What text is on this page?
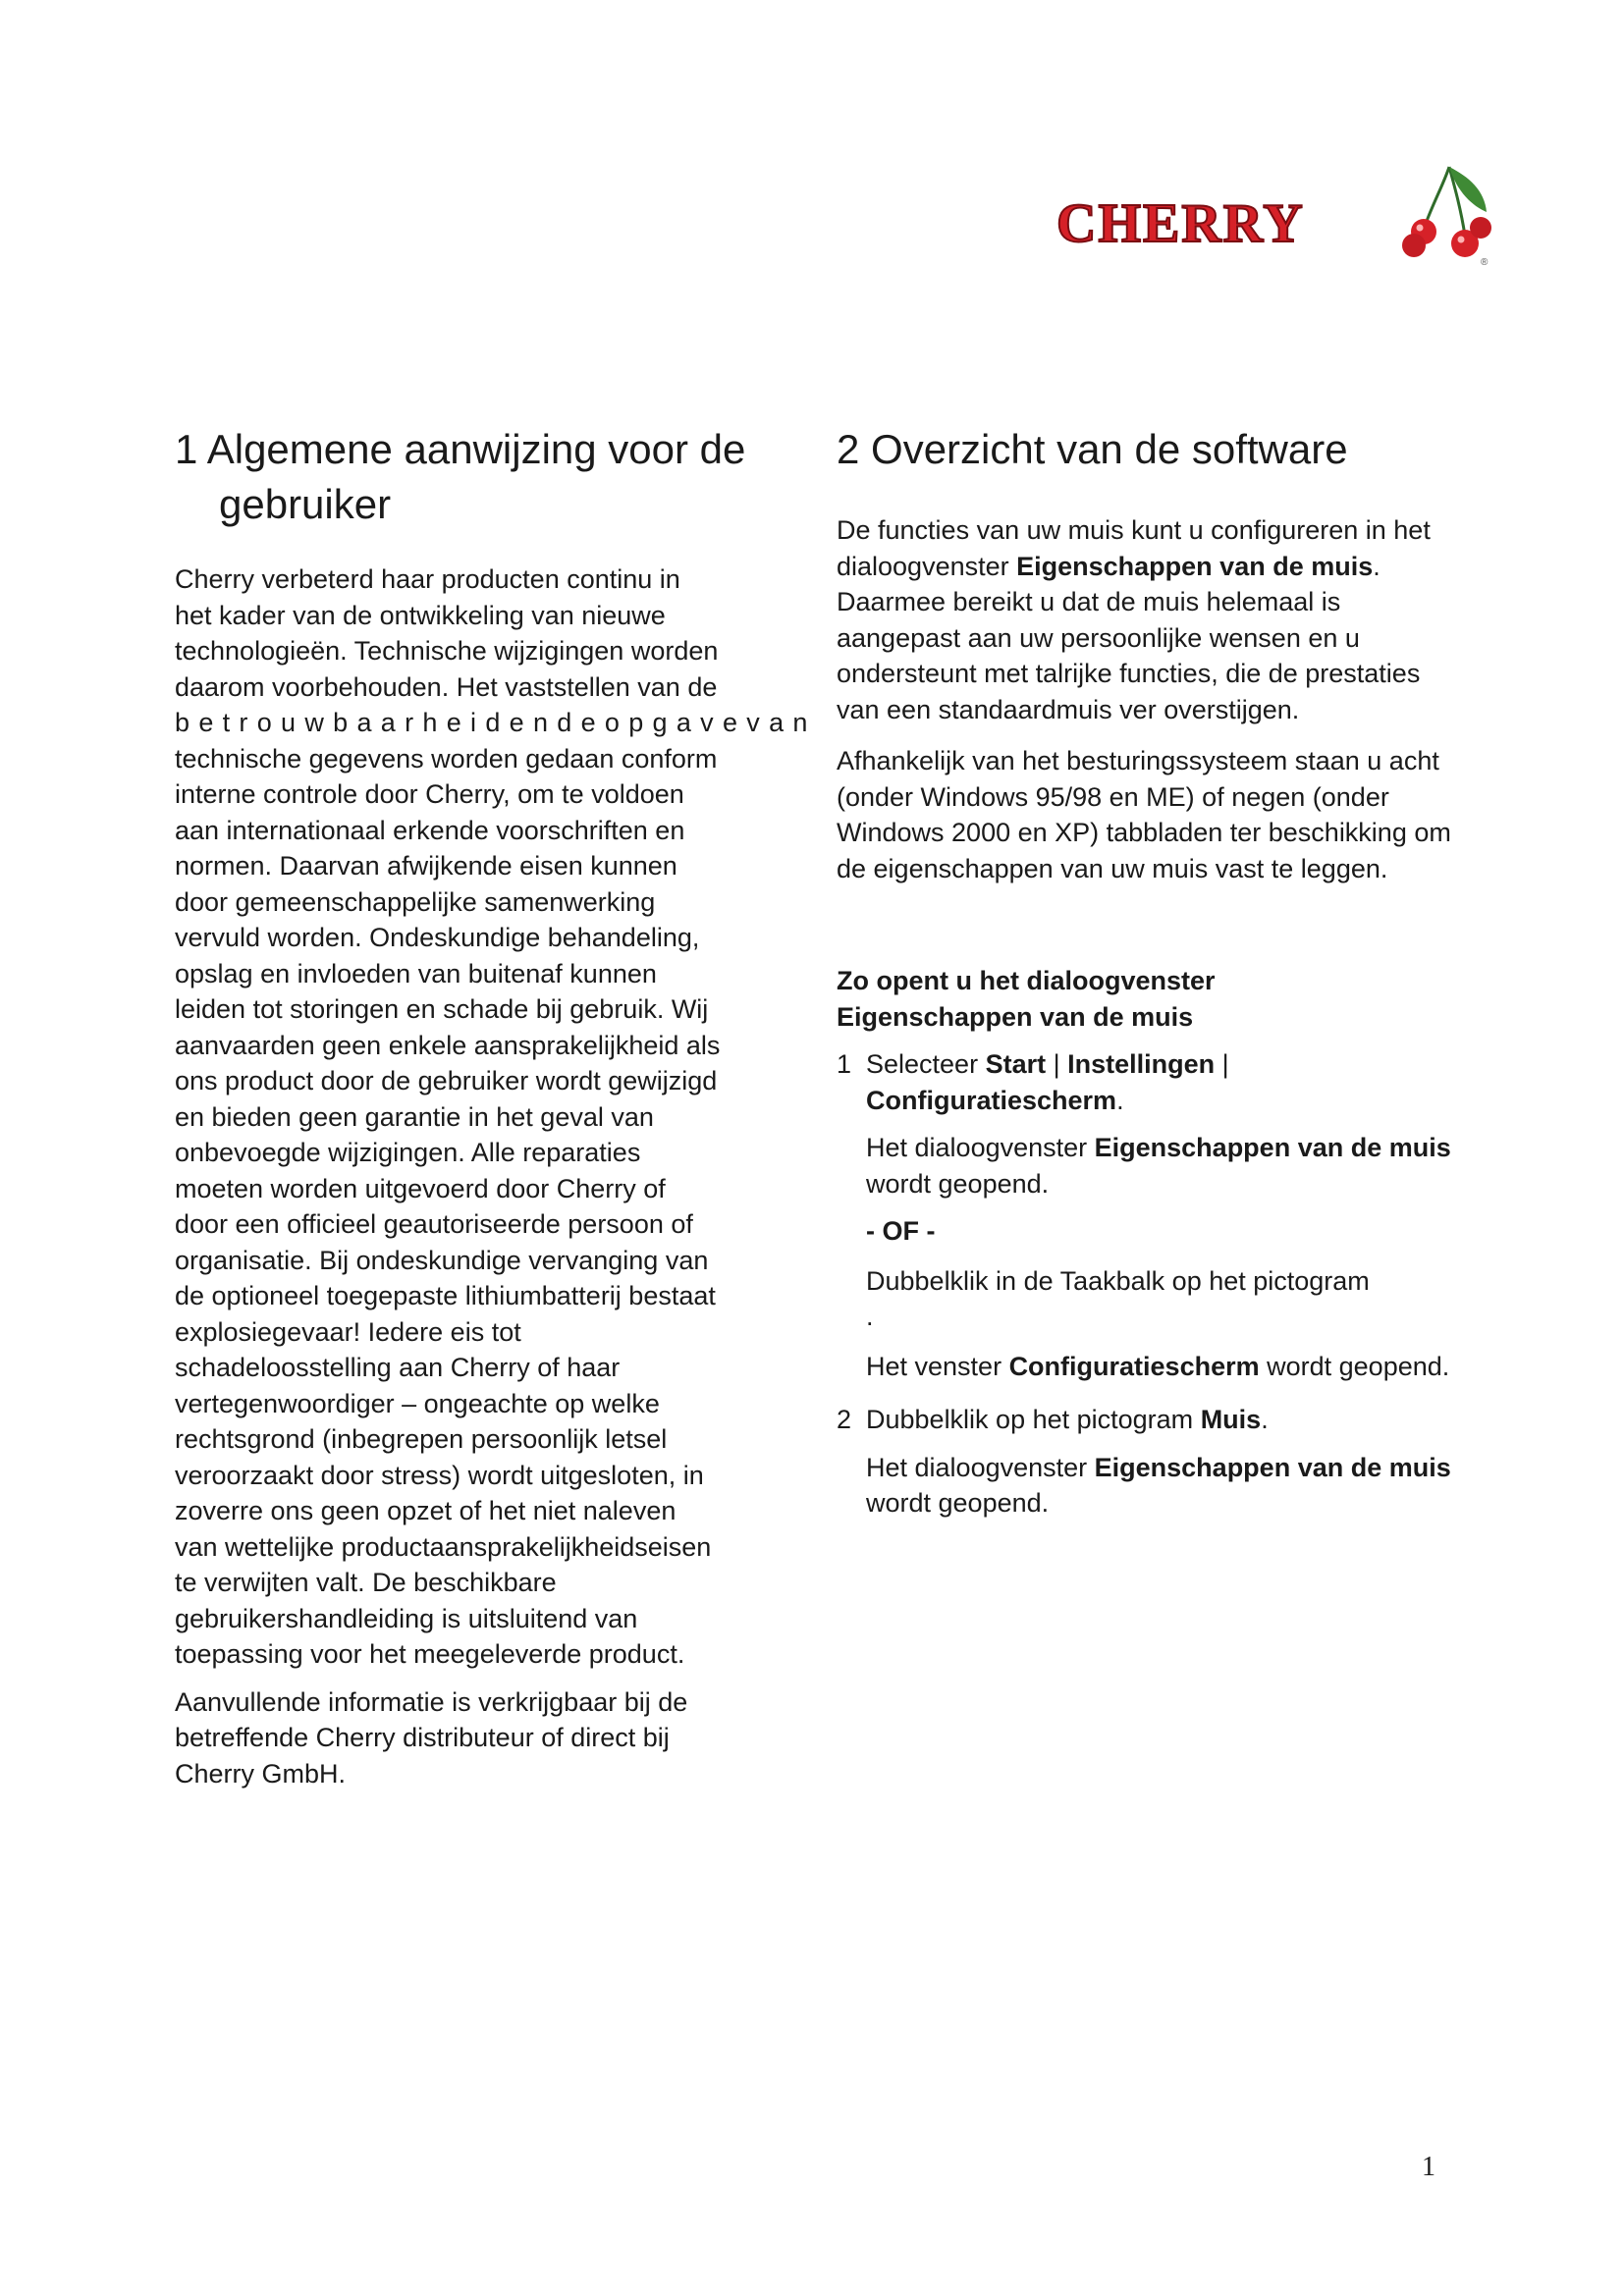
CHERRY
®
1 Algemene aanwijzing voor de gebruiker

Cherry verbeterd haar producten continu in
het kader van de ontwikkeling van nieuwe
technologieën. Technische wijzigingen worden
daarom voorbehouden. Het vaststellen van de
betrouwbaarheidendeopgavevan
technische gegevens worden gedaan conform
interne controle door Cherry, om te voldoen
aan internationaal erkende voorschriften en
normen. Daarvan afwijkende eisen kunnen
door gemeenschappelijke samenwerking
vervuld worden. Ondeskundige behandeling,
opslag en invloeden van buitenaf kunnen
leiden tot storingen en schade bij gebruik. Wij
aanvaarden geen enkele aansprakelijkheid als
ons product door de gebruiker wordt gewijzigd
en bieden geen garantie in het geval van
onbevoegde wijzigingen. Alle reparaties
moeten worden uitgevoerd door Cherry of
door een officieel geautoriseerde persoon of
organisatie. Bij ondeskundige vervanging van
de optioneel toegepaste lithiumbatterij bestaat
explosiegevaar! Iedere eis tot
schadeloosstelling aan Cherry of haar
vertegenwoordiger – ongeachte op welke
rechtsgrond (inbegrepen persoonlijk letsel
veroorzaakt door stress) wordt uitgesloten, in
zoverre ons geen opzet of het niet naleven
van wettelijke productaansprakelijkheidseisen
te verwijten valt. De beschikbare
gebruikershandleiding is uitsluitend van
toepassing voor het meegeleverde product.

Aanvullende informatie is verkrijgbaar bij de
betreffende Cherry distributeur of direct bij
Cherry GmbH.

2 Overzicht van de software

De functies van uw muis kunt u configureren in het dialoogvenster Eigenschappen van de muis. Daarmee bereikt u dat de muis helemaal is aangepast aan uw persoonlijke wensen en u ondersteunt met talrijke functies, die de prestaties van een standaardmuis ver overstijgen.

Afhankelijk van het besturingssysteem staan u acht (onder Windows 95/98 en ME) of negen (onder Windows 2000 en XP) tabbladen ter beschikking om de eigenschappen van uw muis vast te leggen.

Zo opent u het dialoogvenster
Eigenschappen van de muis

1 Selecteer Start | Instellingen |
Configuratiescherm.

Het dialoogvenster Eigenschappen van de muis wordt geopend.

- OF -

Dubbelklik in de Taakbalk op het pictogram
.

Het venster Configuratiescherm wordt geopend.

2 Dubbelklik op het pictogram Muis.

Het dialoogvenster Eigenschappen van de muis wordt geopend.

1
